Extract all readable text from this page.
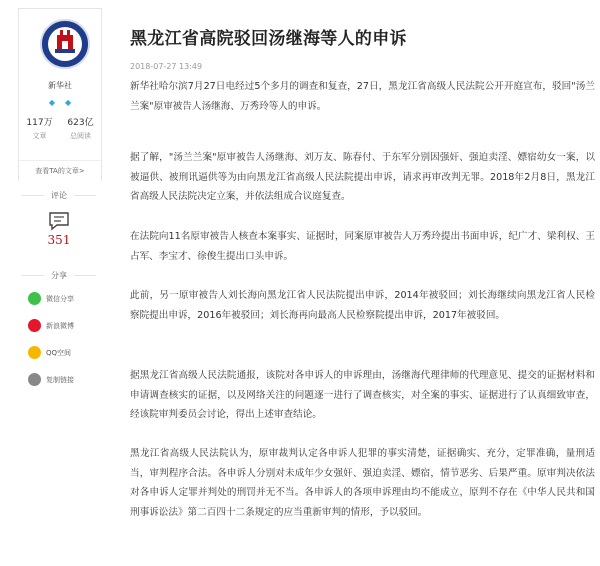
新华社
◆ ◆
117万
文章
623亿
总阅读
查看TA的文章>
评论
351
分享
微信分享
新浪微博
QQ空间
复制链接
黑龙江省高院驳回汤继海等人的申诉
2018-07-27 13:49

新华社哈尔滨7月27日电经过5个多月的调查和复查，27日，黑龙江省高级人民法院公开开庭宣布，驳回"汤兰兰案"原审被告人汤继海、万秀玲等人的申诉。

据了解，"汤兰兰案"原审被告人汤继海、刘万友、陈春付、于东军分别因强奸、强迫卖淫、嫖宿幼女一案，以被逼供、被刑讯逼供等为由向黑龙江省高级人民法院提出申诉，请求再审改判无罪。2018年2月8日，黑龙江省高级人民法院决定立案，并依法组成合议庭复查。

在法院向11名原审被告人核查本案事实、证据时，同案原审被告人万秀玲提出书面申诉，纪广才、梁利权、王占军、李宝才、徐俊生提出口头申诉。

此前，另一原审被告人刘长海向黑龙江省人民法院提出申诉，2014年被驳回；刘长海继续向黑龙江省人民检察院提出申诉，2016年被驳回；刘长海再向最高人民检察院提出申诉，2017年被驳回。

据黑龙江省高级人民法院通报，该院对各申诉人的申诉理由，汤继海代理律师的代理意见、提交的证据材料和申请调查核实的证据，以及网络关注的问题逐一进行了调查核实，对全案的事实、证据进行了认真细致审查，经该院审判委员会讨论，得出上述审查结论。

黑龙江省高级人民法院认为，原审裁判认定各申诉人犯罪的事实清楚，证据确实、充分，定罪准确，量刑适当，审判程序合法。各申诉人分别对未成年少女强奸、强迫卖淫、嫖宿，情节恶劣、后果严重。原审判决依法对各申诉人定罪并判处的刑罚并无不当。各申诉人的各项申诉理由均不能成立，原判不存在《中华人民共和国刑事诉讼法》第二百四十二条规定的应当重新审判的情形，予以驳回。
